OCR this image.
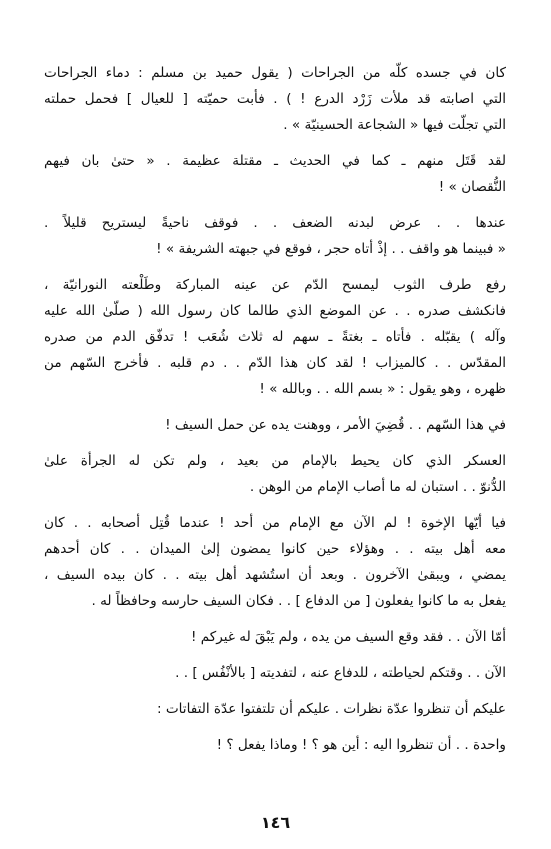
كان في جسده كلّه من الجراحات ( يقول حميد بن مسلم : دماء الجراحات
التي اصابته قد ملأت زَرْد الدرع ! ) . فأبت حميّته [ للعيال ] فحمل حملته
التي تجلّت فيها « الشجاعة الحسينيّة » .
لقد قَتَل منهم ـ كما في الحديث ـ مقتلة عظيمة . « حتىٰ بان فيهم
النُّقصان » !
عندها . . عرض لبدنه الضعف . . فوقف ناحيةً ليستريح قليلاً .
« فبينما هو واقف . . إذْ أتاه حجر ، فوقع في جبهته الشريفة » !
رفع طرف الثوب ليمسح الدّم عن عينه المباركة وطَلْعته النورانيّة ،
فانكشف صدره . . عن الموضع الذي طالما كان رسول الله ( صلّىٰ الله عليه
وآله ) يقبّله . فأتاه ـ بغتةً ـ سهم له ثلاث شُعَب ! تدفّق الدم من صدره
المقدّس . . كالميزاب ! لقد كان هذا الدّم . . دم قلبه . فأخرج السّهم من
ظهره ، وهو يقول : « بسم الله . . وبالله » !
في هذا السّهم . . قُضِيَ الأمر ، ووهنت يده عن حمل السيف !
العسكر الذي كان يحيط بالإمام من بعيد ، ولم تكن له الجرأة علىٰ
الدُّنوّ . . استبان له ما أصاب الإمام من الوهن .
فيا أيّها الإخوة ! لم الآن مع الإمام من أحد ! عندما قُتِل أصحابه . . كان
معه أهل بيته . . وهؤلاء حين كانوا يمضون إلىٰ الميدان . . كان أحدهم
يمضي ، ويبقىٰ الآخرون . وبعد أن استُشهد أهل بيته . . كان بيده السيف ،
يفعل به ما كانوا يفعلون [ من الدفاع ] . . فكان السيف حارسه وحافظاً له .
أمّا الآن . . فقد وقع السيف من يده ، ولم يَبْقَ له غيركم !
الآن . . وقتكم لحياطته ، للدفاع عنه ، لتفديته [ بالأنْفُس ] . .
عليكم أن تنظروا عدّة نظرات . عليكم أن تلتفتوا عدّة التفاتات :
واحدة . . أن تنظروا اليه : أين هو ؟ ! وماذا يفعل ؟ !
١٤٦
